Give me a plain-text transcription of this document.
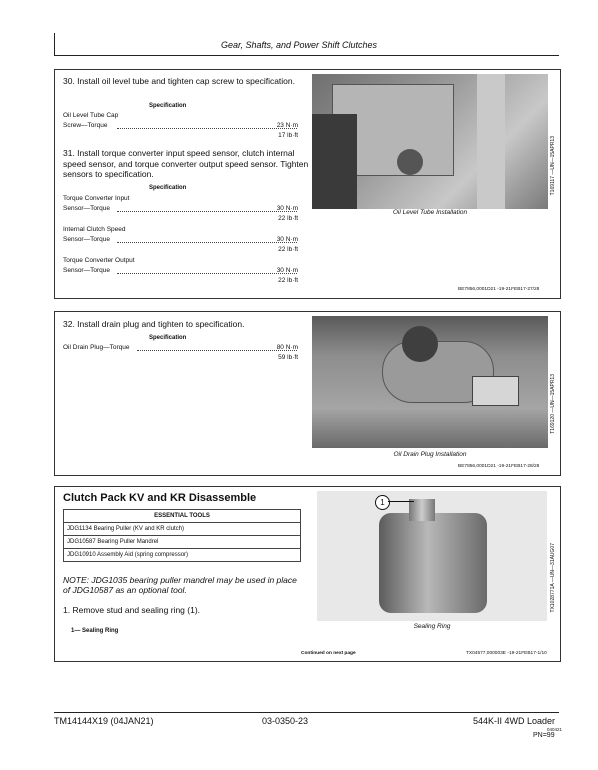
Gear, Shafts, and Power Shift Clutches
30. Install oil level tube and tighten cap screw to specification.
Specification
Oil Level Tube Cap
Screw—Torque	23 N·m
17 lb·ft
31. Install torque converter input speed sensor, clutch internal speed sensor, and torque converter output speed sensor. Tighten sensors to specification.
Specification
Torque Converter Input
Sensor—Torque	30 N·m
22 lb·ft
Internal Clutch Speed
Sensor—Torque	30 N·m
22 lb·ft
Torque Converter Output
Sensor—Torque	30 N·m
22 lb·ft
Oil Level Tube Installation
T169117 —UN—15APR13
BE7856,0001D21 -19-21FEB17-27/28
32. Install drain plug and tighten to specification.
Specification
Oil Drain Plug—Torque	80 N·m
59 lb·ft
Oil Drain Plug Installation
T169120 —UN—15APR13
BE7856,0001D21 -19-21FEB17-28/28
Clutch Pack KV and KR Disassemble
ESSENTIAL TOOLS
JDG1134 Bearing Puller (KV and KR clutch)
JDG10587 Bearing Puller Mandrel
JDG10910 Assembly Aid (spring compressor)
NOTE: JDG1035 bearing puller mandrel may be used in place of JDG10587 as an optional tool.
1. Remove stud and sealing ring (1).
1— Sealing Ring
1
Sealing Ring
TX1028771A —UN—31AUG07
Continued on next page	TX04577,000003E -19-21FEB17-1/10
TM14144X19 (04JAN21)	03-0350-23	544K-II 4WD Loader
040421
PN=99
